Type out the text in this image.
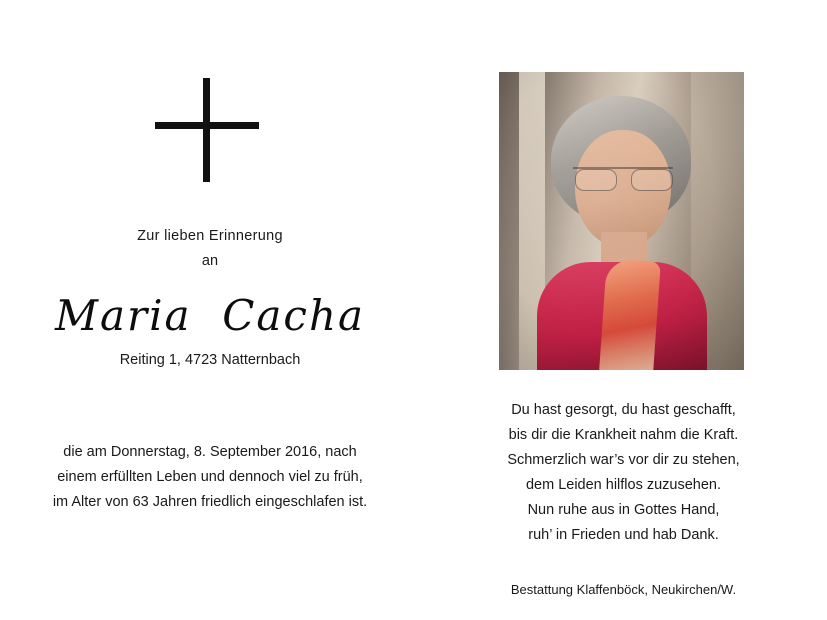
Zur lieben Erinnerung
an
Maria  Cacha
Reiting 1, 4723 Natternbach
die am Donnerstag, 8. September 2016, nach
einem erfüllten Leben und dennoch viel zu früh,
im Alter von 63 Jahren friedlich eingeschlafen ist.
Du hast gesorgt, du hast geschafft,
bis dir die Krankheit nahm die Kraft.
Schmerzlich war’s vor dir zu stehen,
dem Leiden hilflos zuzusehen.
Nun ruhe aus in Gottes Hand,
ruh’ in Frieden und hab Dank.
Bestattung Klaffenböck, Neukirchen/W.
